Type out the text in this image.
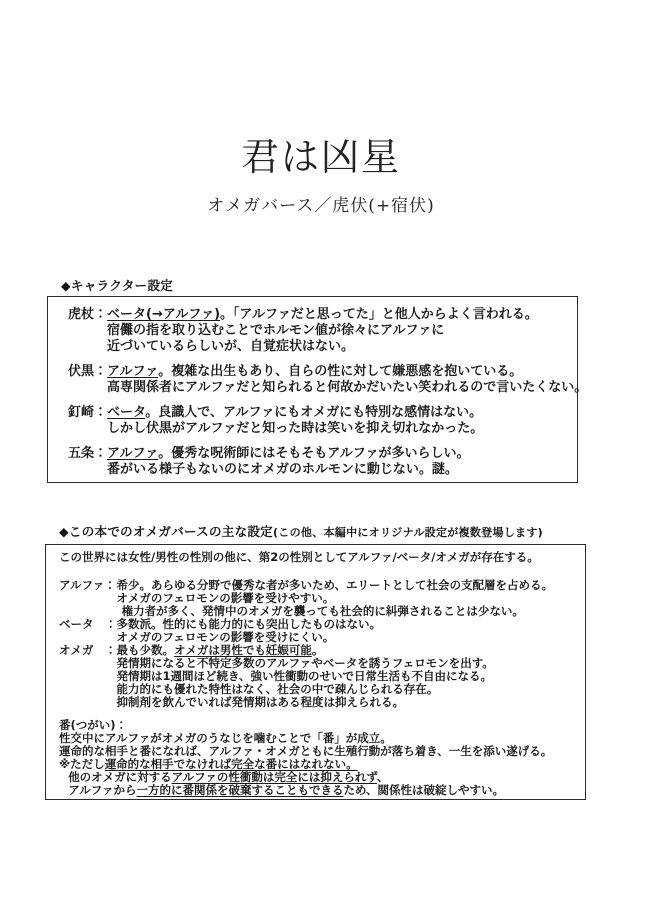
君は凶星
オメガバース／虎伏(+宿伏)
◆キャラクター設定
虎杖：ベータ(→アルファ)。「アルファだと思ってた」と他人からよく言われる。
宿儺の指を取り込むことでホルモン値が徐々にアルファに
近づいているらしいが、自覚症状はない。
伏黒：アルファ。複雑な出生もあり、自らの性に対して嫌悪感を抱いている。
高専関係者にアルファだと知られると何故かだいたい笑われるので言いたくない。
釘崎：ベータ。良識人で、アルファにもオメガにも特別な感情はない。
しかし伏黒がアルファだと知った時は笑いを抑え切れなかった。
五条：アルファ。優秀な呪術師にはそもそもアルファが多いらしい。
番がいる様子もないのにオメガのホルモンに動じない。謎。
◆この本でのオメガバースの主な設定(この他、本編中にオリジナル設定が複数登場します)
この世界には女性/男性の性別の他に、第2の性別としてアルファ/ベータ/オメガが存在する。
アルファ：希少。あらゆる分野で優秀な者が多いため、エリートとして社会の支配層を占める。
オメガのフェロモンの影響を受けやすい。
権力者が多く、発情中のオメガを襲っても社会的に糾弾されることは少ない。
ベータ　：多数派。性的にも能力的にも突出したものはない。
オメガのフェロモンの影響を受けにくい。
オメガ　：最も少数。オメガは男性でも妊娠可能。
発情期になると不特定多数のアルファやベータを誘うフェロモンを出す。
発情期は1週間ほど続き、強い性衝動のせいで日常生活も不自由になる。
能力的にも優れた特性はなく、社会の中で疎んじられる存在。
抑制剤を飲んでいれば発情期はある程度は抑えられる。
番(つがい)：
性交中にアルファがオメガのうなじを噛むことで「番」が成立。
運命的な相手と番になれば、アルファ・オメガともに生殖行動が落ち着き、一生を添い遂げる。
※ただし運命的な相手でなければ完全な番にはなれない。
他のオメガに対するアルファの性衝動は完全には抑えられず、
アルファから一方的に番関係を破棄することもできるため、関係性は破綻しやすい。
